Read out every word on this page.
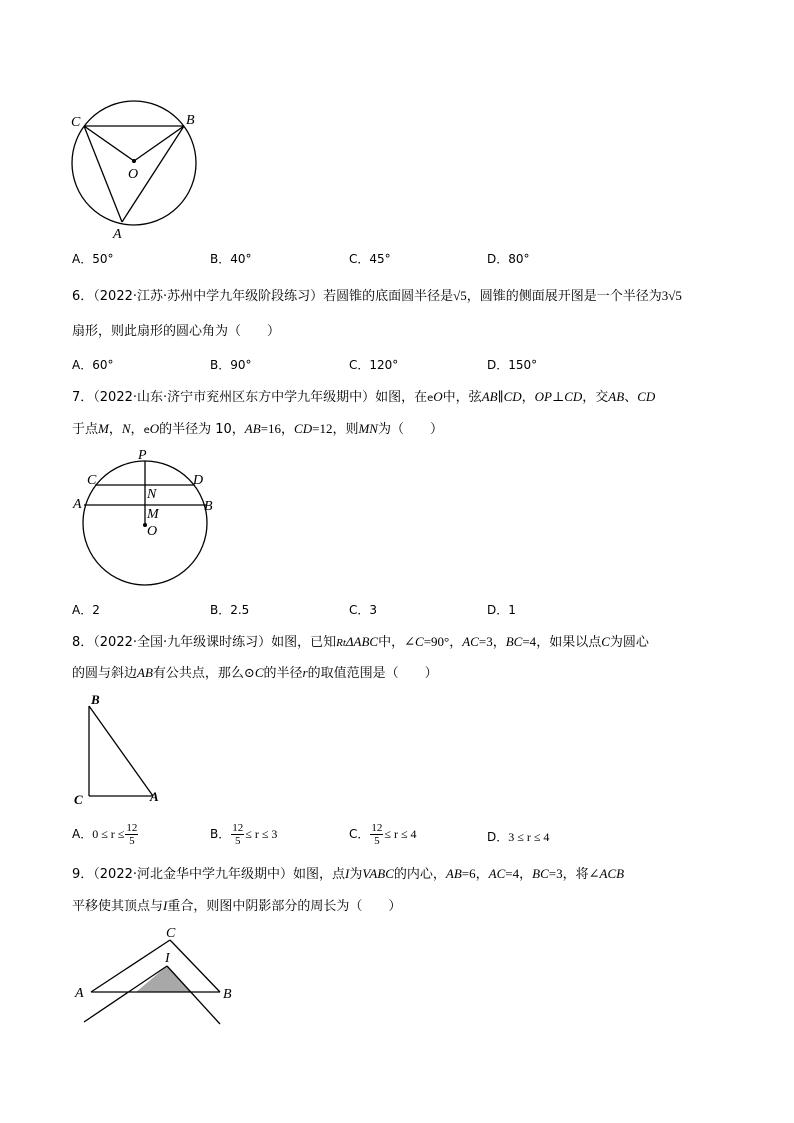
C	B
O
A
A．50°	B．40°	C．45°	D．80°
6．（2022·江苏·苏州中学九年级阶段练习）若圆锥的底面圆半径是√5，圆锥的侧面展开图是一个半径为3√5
扇形，则此扇形的圆心角为（　　）
A．60°	B．90°	C．120°	D．150°
7．（2022·山东·济宁市兖州区东方中学九年级期中）如图，在eO中，弦AB∥CD，OP⊥CD，交AB、CD
于点M，N，eO的半径为 10，AB=16，CD=12，则MN为（　　）
P
C	D
N
A	B
M
O
A．2	B．2.5	C．3	D．1
8．（2022·全国·九年级课时练习）如图，已知RtΔABC中，∠C=90°，AC=3，BC=4，如果以点C为圆心
的圆与斜边AB有公共点，那么⊙C的半径r的取值范围是（　　）
B
C	A
A．$0 \le r \le \frac{12}{5}$	B． $\frac{12}{5} \le r \le 3$	C． $\frac{12}{5} \le r \le 4$	D．3 ≤ r ≤ 4
9．（2022·河北金华中学九年级期中）如图，点I为VABC的内心，AB=6，AC=4，BC=3，将∠ACB
平移使其顶点与I重合，则图中阴影部分的周长为（　　）
C
I
A	B
